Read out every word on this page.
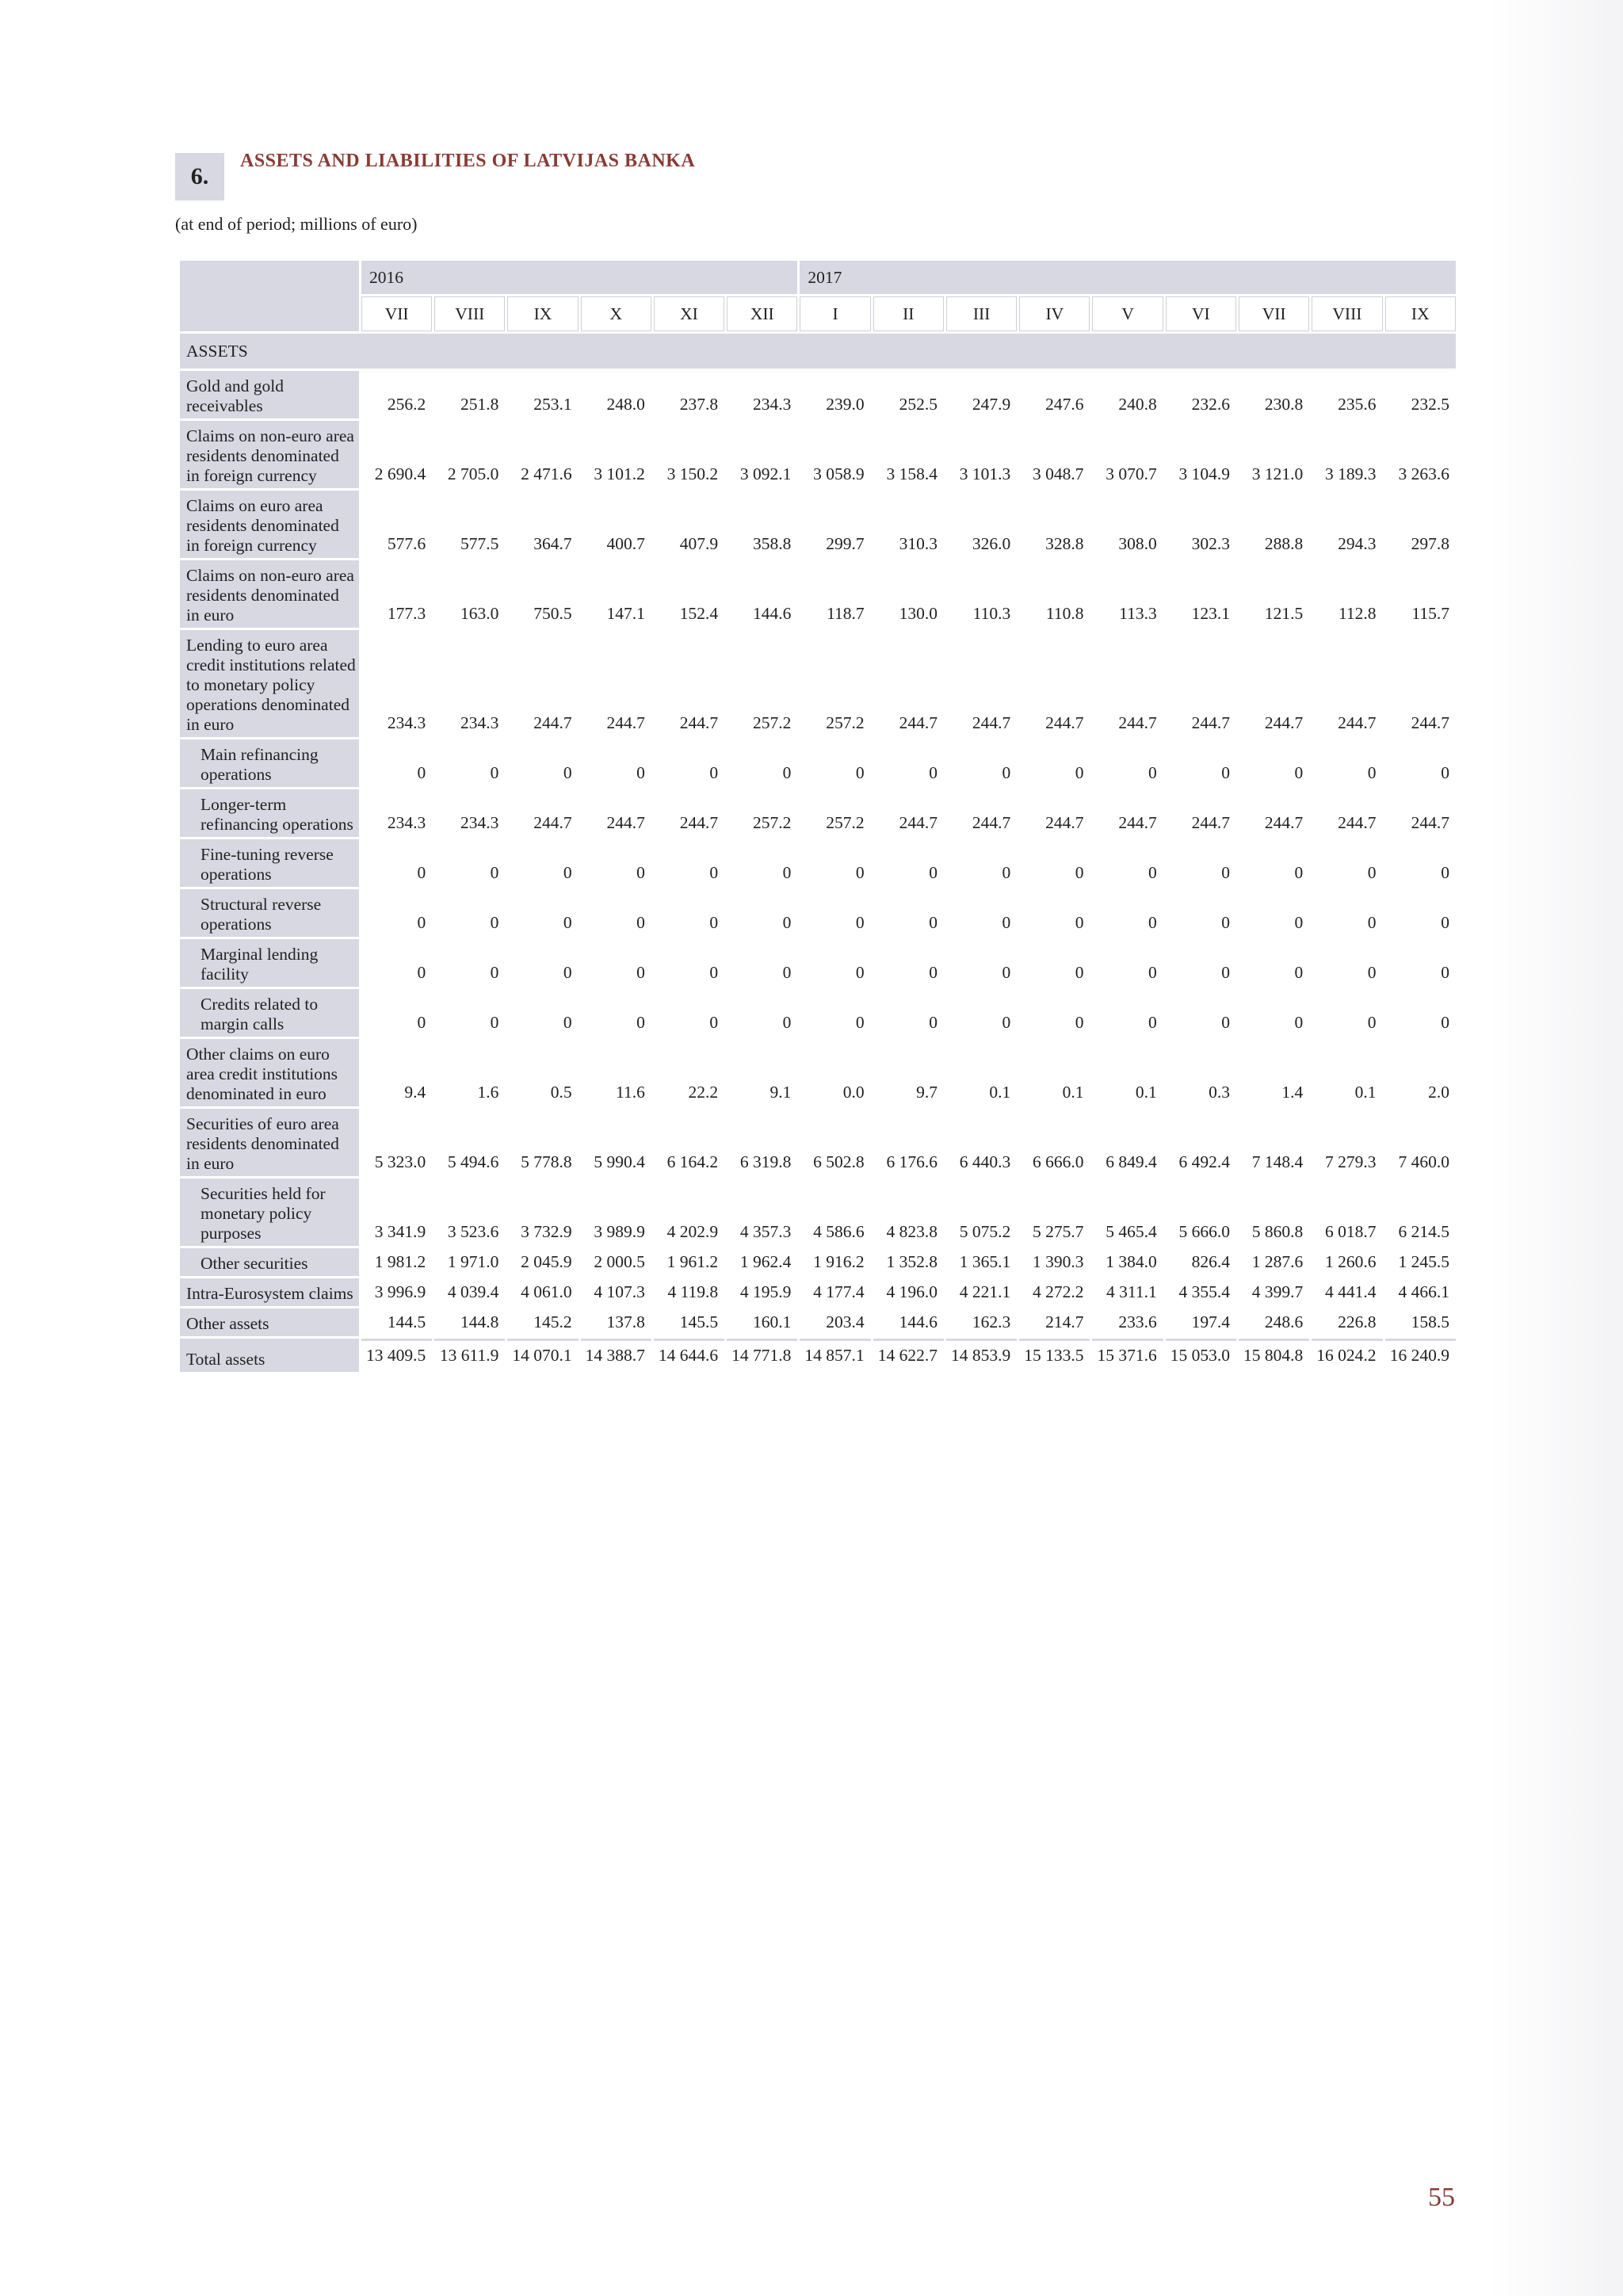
6.
ASSETS AND LIABILITIES OF LATVIJAS BANKA
(at end of period; millions of euro)
	2016						2017								
	VII	VIII	IX	X	XI	XII	I	II	III	IV	V	VI	VII	VIII	IX
ASSETS															
Gold and gold receivables	256.2	251.8	253.1	248.0	237.8	234.3	239.0	252.5	247.9	247.6	240.8	232.6	230.8	235.6	232.5
Claims on non-euro area residents denominated in foreign currency	2 690.4	2 705.0	2 471.6	3 101.2	3 150.2	3 092.1	3 058.9	3 158.4	3 101.3	3 048.7	3 070.7	3 104.9	3 121.0	3 189.3	3 263.6
Claims on euro area residents denominated in foreign currency	577.6	577.5	364.7	400.7	407.9	358.8	299.7	310.3	326.0	328.8	308.0	302.3	288.8	294.3	297.8
Claims on non-euro area residents denominated in euro	177.3	163.0	750.5	147.1	152.4	144.6	118.7	130.0	110.3	110.8	113.3	123.1	121.5	112.8	115.7
Lending to euro area credit institutions related to monetary policy operations denominated in euro	234.3	234.3	244.7	244.7	244.7	257.2	257.2	244.7	244.7	244.7	244.7	244.7	244.7	244.7	244.7
Main refinancing operations	0	0	0	0	0	0	0	0	0	0	0	0	0	0	0
Longer-term refinancing operations	234.3	234.3	244.7	244.7	244.7	257.2	257.2	244.7	244.7	244.7	244.7	244.7	244.7	244.7	244.7
Fine-tuning reverse operations	0	0	0	0	0	0	0	0	0	0	0	0	0	0	0
Structural reverse operations	0	0	0	0	0	0	0	0	0	0	0	0	0	0	0
Marginal lending facility	0	0	0	0	0	0	0	0	0	0	0	0	0	0	0
Credits related to margin calls	0	0	0	0	0	0	0	0	0	0	0	0	0	0	0
Other claims on euro area credit institutions denominated in euro	9.4	1.6	0.5	11.6	22.2	9.1	0.0	9.7	0.1	0.1	0.1	0.3	1.4	0.1	2.0
Securities of euro area residents denominated in euro	5 323.0	5 494.6	5 778.8	5 990.4	6 164.2	6 319.8	6 502.8	6 176.6	6 440.3	6 666.0	6 849.4	6 492.4	7 148.4	7 279.3	7 460.0
Securities held for monetary policy purposes	3 341.9	3 523.6	3 732.9	3 989.9	4 202.9	4 357.3	4 586.6	4 823.8	5 075.2	5 275.7	5 465.4	5 666.0	5 860.8	6 018.7	6 214.5
Other securities	1 981.2	1 971.0	2 045.9	2 000.5	1 961.2	1 962.4	1 916.2	1 352.8	1 365.1	1 390.3	1 384.0	826.4	1 287.6	1 260.6	1 245.5
Intra-Eurosystem claims	3 996.9	4 039.4	4 061.0	4 107.3	4 119.8	4 195.9	4 177.4	4 196.0	4 221.1	4 272.2	4 311.1	4 355.4	4 399.7	4 441.4	4 466.1
Other assets	144.5	144.8	145.2	137.8	145.5	160.1	203.4	144.6	162.3	214.7	233.6	197.4	248.6	226.8	158.5
Total assets	13 409.5	13 611.9	14 070.1	14 388.7	14 644.6	14 771.8	14 857.1	14 622.7	14 853.9	15 133.5	15 371.6	15 053.0	15 804.8	16 024.2	16 240.9
55
